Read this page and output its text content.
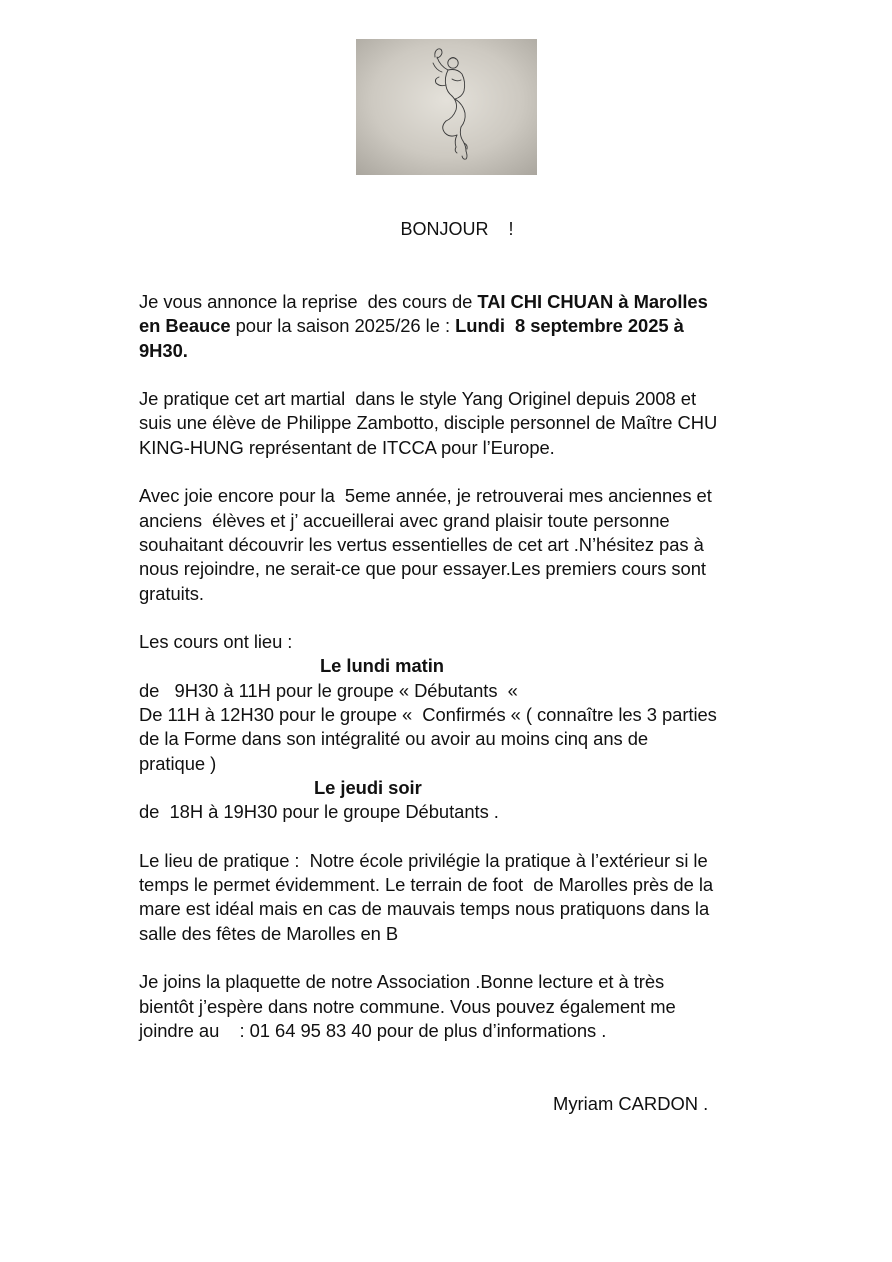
BONJOUR    !
Je vous annonce la reprise  des cours de TAI CHI CHUAN à Marolles
en Beauce pour la saison 2025/26 le : Lundi  8 septembre 2025 à
9H30.
Je pratique cet art martial  dans le style Yang Originel depuis 2008 et
suis une élève de Philippe Zambotto, disciple personnel de Maître CHU
KING-HUNG représentant de ITCCA pour l’Europe.
Avec joie encore pour la  5eme année, je retrouverai mes anciennes et
anciens  élèves et j’ accueillerai avec grand plaisir toute personne
souhaitant découvrir les vertus essentielles de cet art .N’hésitez pas à
nous rejoindre, ne serait-ce que pour essayer.Les premiers cours sont
gratuits.
Les cours ont lieu :
Le lundi matin
de   9H30 à 11H pour le groupe « Débutants  «
De 11H à 12H30 pour le groupe «  Confirmés « ( connaître les 3 parties
de la Forme dans son intégralité ou avoir au moins cinq ans de
pratique )
Le jeudi soir
de  18H à 19H30 pour le groupe Débutants .
Le lieu de pratique :  Notre école privilégie la pratique à l’extérieur si le
temps le permet évidemment. Le terrain de foot  de Marolles près de la
mare est idéal mais en cas de mauvais temps nous pratiquons dans la
salle des fêtes de Marolles en B
Je joins la plaquette de notre Association .Bonne lecture et à très
bientôt j’espère dans notre commune. Vous pouvez également me
joindre au    : 01 64 95 83 40 pour de plus d’informations .
Myriam CARDON .
